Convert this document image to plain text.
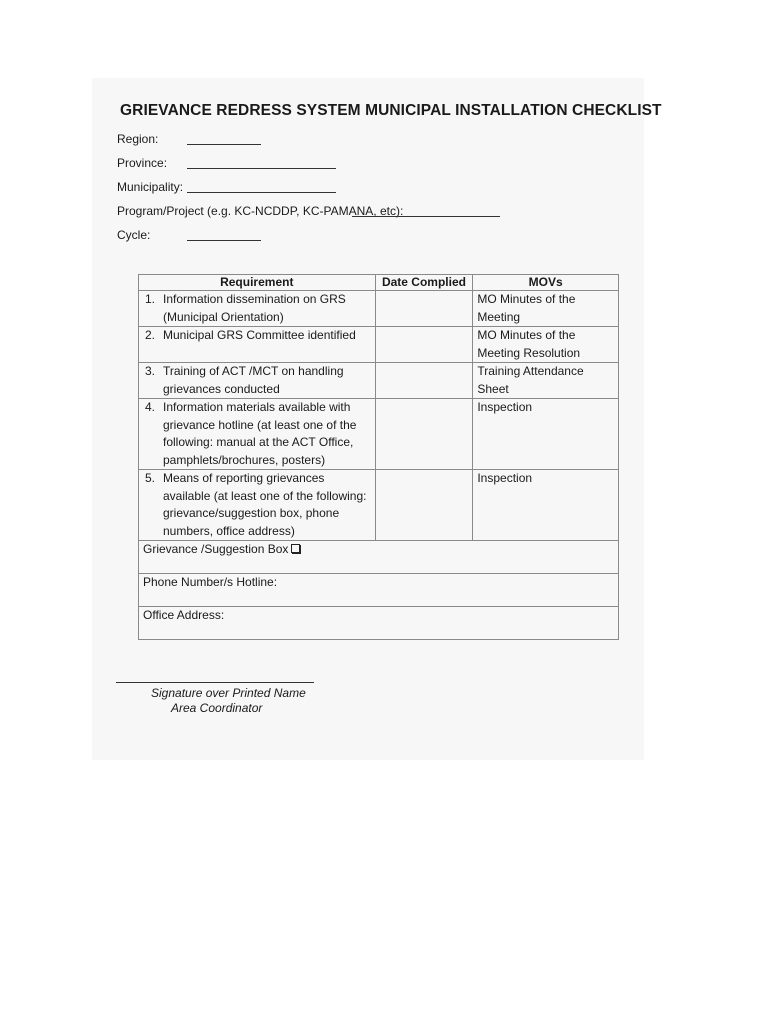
GRIEVANCE REDRESS SYSTEM MUNICIPAL INSTALLATION CHECKLIST
Region:
Province:
Municipality:
Program/Project (e.g. KC-NCDDP, KC-PAMANA, etc):
Cycle:
Requirement	Date Complied	MOVs

1. Information dissemination on GRS (Municipal Orientation)		MO Minutes of the Meeting

2. Municipal GRS Committee identified		MO Minutes of the Meeting Resolution

3. Training of ACT /MCT on handling grievances conducted		Training Attendance Sheet

4. Information materials available with grievance hotline (at least one of the following: manual at the ACT Office, pamphlets/brochures, posters)		Inspection

5. Means of reporting grievances available (at least one of the following: grievance/suggestion box, phone numbers, office address)		Inspection
Grievance /Suggestion Box		
Phone Number/s Hotline:		
Office Address:		
Signature over Printed Name
Area Coordinator
